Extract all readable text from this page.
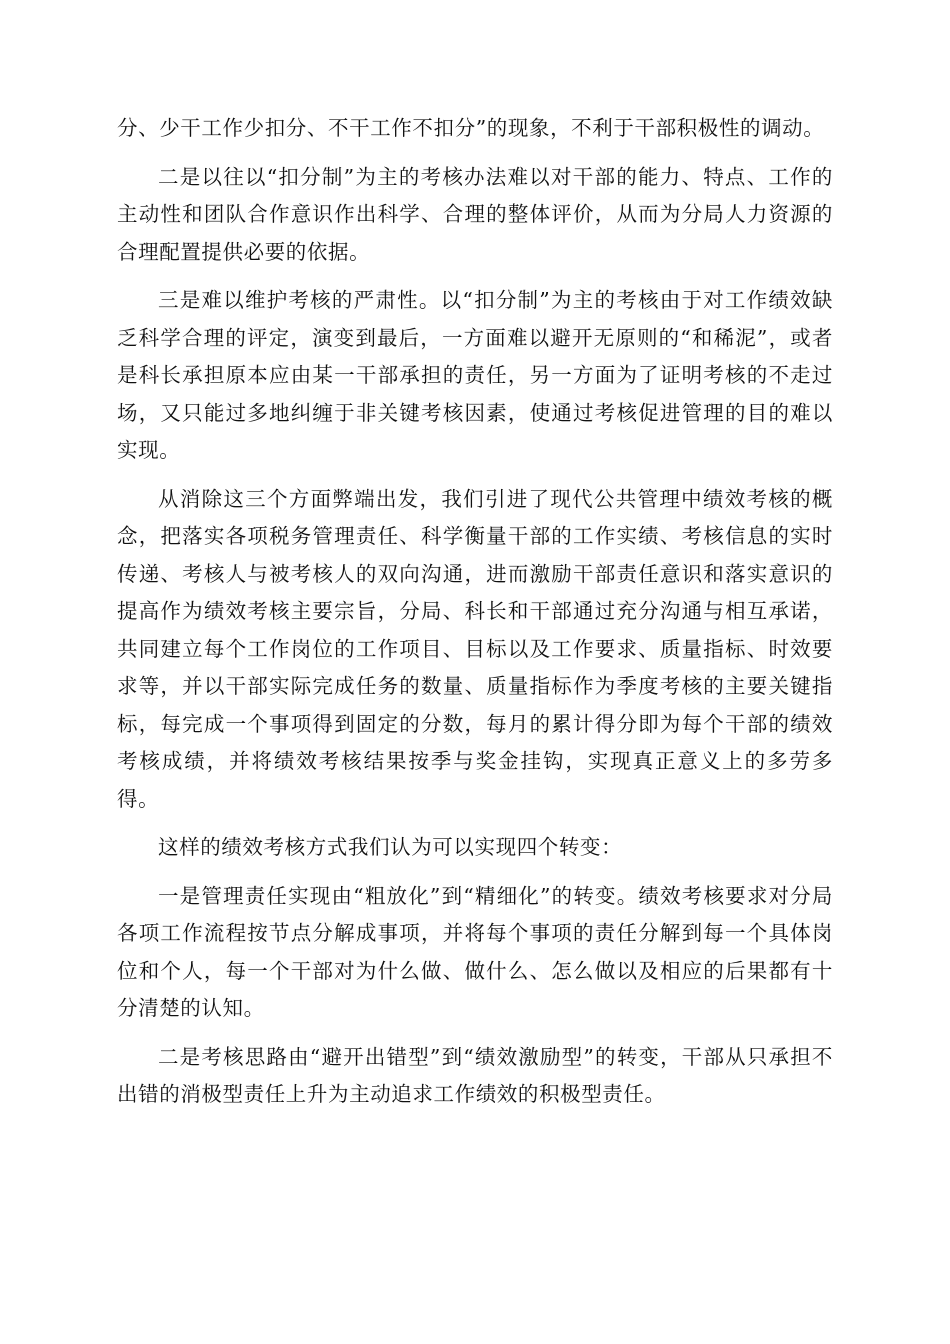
分、少干工作少扣分、不干工作不扣分”的现象，不利于干部积极性的调动。

二是以往以“扣分制”为主的考核办法难以对干部的能力、特点、工作的主动性和团队合作意识作出科学、合理的整体评价，从而为分局人力资源的合理配置提供必要的依据。

三是难以维护考核的严肃性。以“扣分制”为主的考核由于对工作绩效缺乏科学合理的评定，演变到最后，一方面难以避开无原则的“和稀泥”，或者是科长承担原本应由某一干部承担的责任，另一方面为了证明考核的不走过场，又只能过多地纠缠于非关键考核因素，使通过考核促进管理的目的难以实现。

从消除这三个方面弊端出发，我们引进了现代公共管理中绩效考核的概念，把落实各项税务管理责任、科学衡量干部的工作实绩、考核信息的实时传递、考核人与被考核人的双向沟通，进而激励干部责任意识和落实意识的提高作为绩效考核主要宗旨，分局、科长和干部通过充分沟通与相互承诺，共同建立每个工作岗位的工作项目、目标以及工作要求、质量指标、时效要求等，并以干部实际完成任务的数量、质量指标作为季度考核的主要关键指标，每完成一个事项得到固定的分数，每月的累计得分即为每个干部的绩效考核成绩，并将绩效考核结果按季与奖金挂钩，实现真正意义上的多劳多得。

这样的绩效考核方式我们认为可以实现四个转变：

一是管理责任实现由“粗放化”到“精细化”的转变。绩效考核要求对分局各项工作流程按节点分解成事项，并将每个事项的责任分解到每一个具体岗位和个人，每一个干部对为什么做、做什么、怎么做以及相应的后果都有十分清楚的认知。

二是考核思路由“避开出错型”到“绩效激励型”的转变，干部从只承担不出错的消极型责任上升为主动追求工作绩效的积极型责任。
